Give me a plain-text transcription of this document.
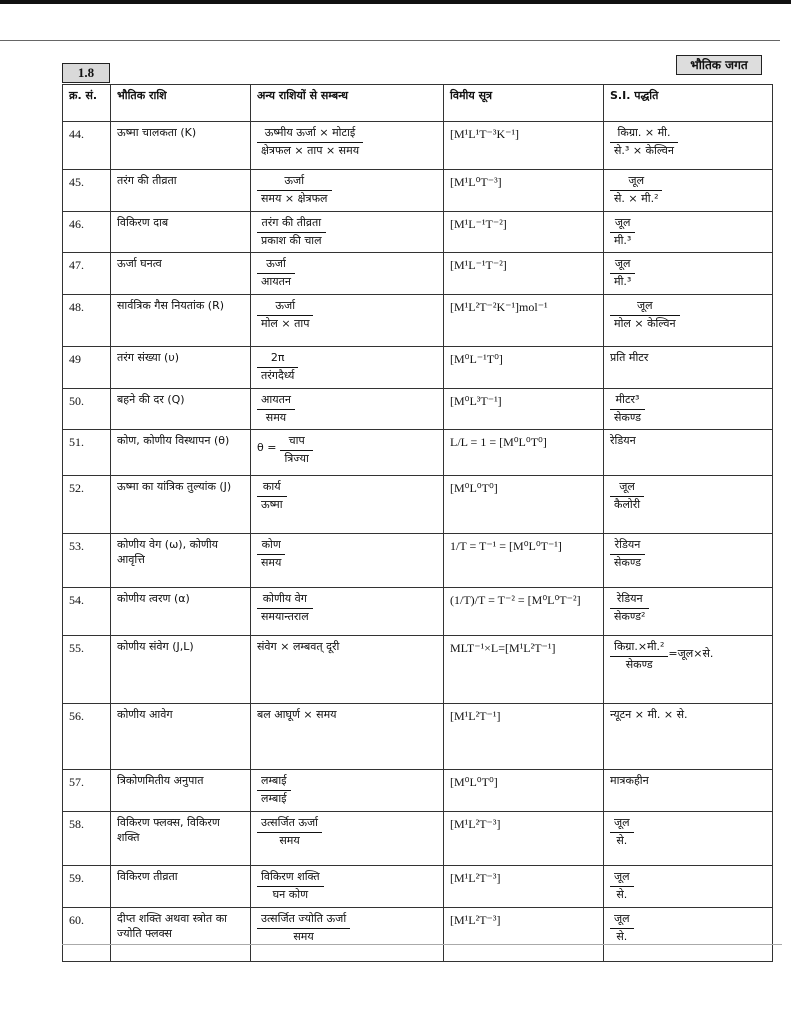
1.8	भौतिक जगत
क्र. सं.	भौतिक राशि	अन्य राशियों से सम्बन्ध	विमीय सूत्र	S.I. पद्धति
44.	ऊष्मा चालकता (K)	$\frac{\text{ऊष्मीय ऊर्जा × मोटाई}}{\text{क्षेत्रफल × ताप × समय}}$	[M¹L¹T⁻³K⁻¹]	$\frac{\text{किग्रा. × मी.}}{\text{से.³ × केल्विन}}$

45.	तरंग की तीव्रता	$\frac{\text{ऊर्जा}}{\text{समय × क्षेत्रफल}}$	[M¹L⁰T⁻³]	$\frac{\text{जूल}}{\text{से. × मी.²}}$

46.	विकिरण दाब	$\frac{\text{तरंग की तीव्रता}}{\text{प्रकाश की चाल}}$	[M¹L⁻¹T⁻²]	$\frac{\text{जूल}}{\text{मी.³}}$

47.	ऊर्जा घनत्व	$\frac{\text{ऊर्जा}}{\text{आयतन}}$	[M¹L⁻¹T⁻²]	$\frac{\text{जूल}}{\text{मी.³}}$

48.	सार्वत्रिक गैस नियतांक (R)	$\frac{\text{ऊर्जा}}{\text{मोल × ताप}}$	[M¹L²T⁻²K⁻¹]mol⁻¹	$\frac{\text{जूल}}{\text{मोल × केल्विन}}$

49	तरंग संख्या (υ)	$\frac{2\pi}{\text{तरंगदैर्ध्य}}$	[M⁰L⁻¹T⁰]	प्रति मीटर
50.	बहने की दर (Q)	$\frac{\text{आयतन}}{\text{समय}}$	[M⁰L³T⁻¹]	$\frac{\text{मीटर³}}{\text{सेकण्ड}}$

51.	कोण, कोणीय विस्थापन (θ)	$\theta = \frac{\text{चाप}}{\text{त्रिज्या}}$	L/L = 1 = [M⁰L⁰T⁰]	रेडियन
52.	ऊष्मा का यांत्रिक तुल्यांक (J)	$\frac{\text{कार्य}}{\text{ऊष्मा}}$	[M⁰L⁰T⁰]	$\frac{\text{जूल}}{\text{कैलोरी}}$

53.	कोणीय वेग (ω), कोणीय आवृत्ति	$\frac{\text{कोण}}{\text{समय}}$	1/T = T⁻¹ = [M⁰L⁰T⁻¹]	$\frac{\text{रेडियन}}{\text{सेकण्ड}}$

54.	कोणीय त्वरण (α)	$\frac{\text{कोणीय वेग}}{\text{समयान्तराल}}$	(1/T)/T = T⁻² = [M⁰L⁰T⁻²]	$\frac{\text{रेडियन}}{\text{सेकण्ड²}}$

55.	कोणीय संवेग (J,L)	संवेग × लम्बवत् दूरी	MLT⁻¹×L=[M¹L²T⁻¹]	$\frac{\text{किग्रा.×मी.²}}{\text{सेकण्ड}}$ =जूल×से.
56.	कोणीय आवेग	बल आघूर्ण × समय	[M¹L²T⁻¹]	न्यूटन × मी. × से.
57.	त्रिकोणमितीय अनुपात	$\frac{\text{लम्बाई}}{\text{लम्बाई}}$	[M⁰L⁰T⁰]	मात्रकहीन
58.	विकिरण फ्लक्स, विकिरण शक्ति	$\frac{\text{उत्सर्जित ऊर्जा}}{\text{समय}}$	[M¹L²T⁻³]	$\frac{\text{जूल}}{\text{से.}}$

59.	विकिरण तीव्रता	$\frac{\text{विकिरण शक्ति}}{\text{घन कोण}}$	[M¹L²T⁻³]	$\frac{\text{जूल}}{\text{से.}}$

60.	दीप्त शक्ति अथवा स्त्रोत का ज्योति फ्लक्स	$\frac{\text{उत्सर्जित ज्योति ऊर्जा}}{\text{समय}}$	[M¹L²T⁻³]	$\frac{\text{जूल}}{\text{से.}}$
